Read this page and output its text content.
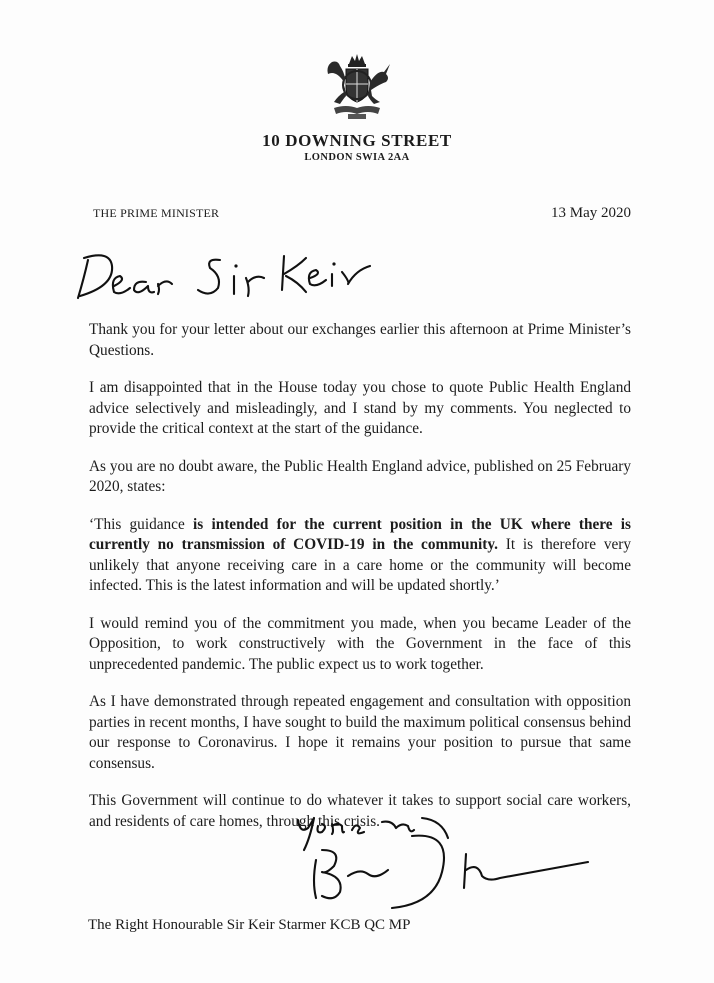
10 DOWNING STREET
LONDON SWIA 2AA
THE PRIME MINISTER	13 May 2020

Thank you for your letter about our exchanges earlier this afternoon at Prime Minister’s Questions.

I am disappointed that in the House today you chose to quote Public Health England advice selectively and misleadingly, and I stand by my comments. You neglected to provide the critical context at the start of the guidance.

As you are no doubt aware, the Public Health England advice, published on 25 February 2020, states:

‘This guidance is intended for the current position in the UK where there is currently no transmission of COVID-19 in the community. It is therefore very unlikely that anyone receiving care in a care home or the community will become infected. This is the latest information and will be updated shortly.’

I would remind you of the commitment you made, when you became Leader of the Opposition, to work constructively with the Government in the face of this unprecedented pandemic. The public expect us to work together.

As I have demonstrated through repeated engagement and consultation with opposition parties in recent months, I have sought to build the maximum political consensus behind our response to Coronavirus. I hope it remains your position to pursue that same consensus.

This Government will continue to do whatever it takes to support social care workers, and residents of care homes, through this crisis.

The Right Honourable Sir Keir Starmer KCB QC MP
